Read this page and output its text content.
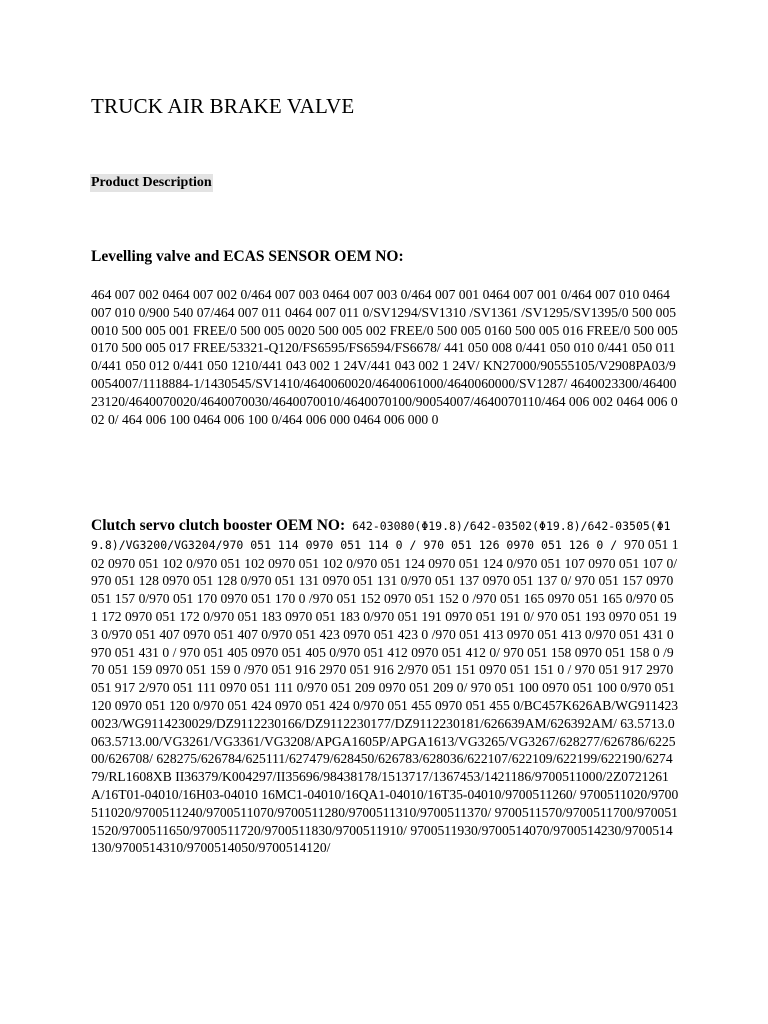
TRUCK AIR BRAKE VALVE
Product Description
Levelling valve and ECAS SENSOR OEM NO:

464 007 002 0464 007 002 0/464 007 003 0464 007 003 0/464 007 001 0464 007 001 0/464 007 010 0464 007 010 0/900 540 07/464 007 011 0464 007 011 0/SV1294/SV1310 /SV1361 /SV1295/SV1395/0 500 005 0010 500 005 001 FREE/0 500 005 0020 500 005 002 FREE/0 500 005 0160 500 005 016 FREE/0 500 005 0170 500 005 017 FREE/53321-Q120/FS6595/FS6594/FS6678/ 441 050 008 0/441 050 010 0/441 050 011 0/441 050 012 0/441 050 1210/441 043 002 1 24V/441 043 002 1 24V/ KN27000/90555105/V2908PA03/90054007/1118884-1/1430545/SV1410/4640060020/4640061000/4640060000/SV1287/ 4640023300/4640023120/4640070020/4640070030/4640070010/4640070100/90054007/4640070110/464 006 002 0464 006 002 0/ 464 006 100 0464 006 100 0/464 006 000 0464 006 000 0

Clutch servo clutch booster OEM NO: 642-03080(Φ19.8)/642-03502(Φ19.8)/642-03505(Φ19.8)/VG3200/VG3204/970 051 114 0970 051 114 0 / 970 051 126 0970 051 126 0 / 970 051 102 0970 051 102 0/970 051 102 0970 051 102 0/970 051 124 0970 051 124 0/970 051 107 0970 051 107 0/970 051 128 0970 051 128 0/970 051 131 0970 051 131 0/970 051 137 0970 051 137 0/ 970 051 157 0970 051 157 0/970 051 170 0970 051 170 0 /970 051 152 0970 051 152 0 /970 051 165 0970 051 165 0/970 051 172 0970 051 172 0/970 051 183 0970 051 183 0/970 051 191 0970 051 191 0/ 970 051 193 0970 051 193 0/970 051 407 0970 051 407 0/970 051 423 0970 051 423 0 /970 051 413 0970 051 413 0/970 051 431 0970 051 431 0 / 970 051 405 0970 051 405 0/970 051 412 0970 051 412 0/ 970 051 158 0970 051 158 0 /970 051 159 0970 051 159 0 /970 051 916 2970 051 916 2/970 051 151 0970 051 151 0 / 970 051 917 2970 051 917 2/970 051 111 0970 051 111 0/970 051 209 0970 051 209 0/ 970 051 100 0970 051 100 0/970 051 120 0970 051 120 0/970 051 424 0970 051 424 0/970 051 455 0970 051 455 0/BC457K626AB/WG9114230023/WG9114230029/DZ9112230166/DZ9112230177/DZ9112230181/626639AM/626392AM/ 63.5713.0063.5713.00/VG3261/VG3361/VG3208/APGA1605P/APGA1613/VG3265/VG3267/628277/626786/622500/626708/ 628275/626784/625111/627479/628450/626783/628036/622107/622109/622199/622190/627479/RL1608XB II36379/K004297/II35696/98438178/1513717/1367453/1421186/9700511000/2Z0721261A/16T01-04010/16H03-04010 16MC1-04010/16QA1-04010/16T35-04010/9700511260/ 9700511020/9700511020/9700511240/9700511070/9700511280/9700511310/9700511370/ 9700511570/9700511700/9700511520/9700511650/9700511720/9700511830/9700511910/ 9700511930/9700514070/9700514230/9700514130/9700514310/9700514050/9700514120/
